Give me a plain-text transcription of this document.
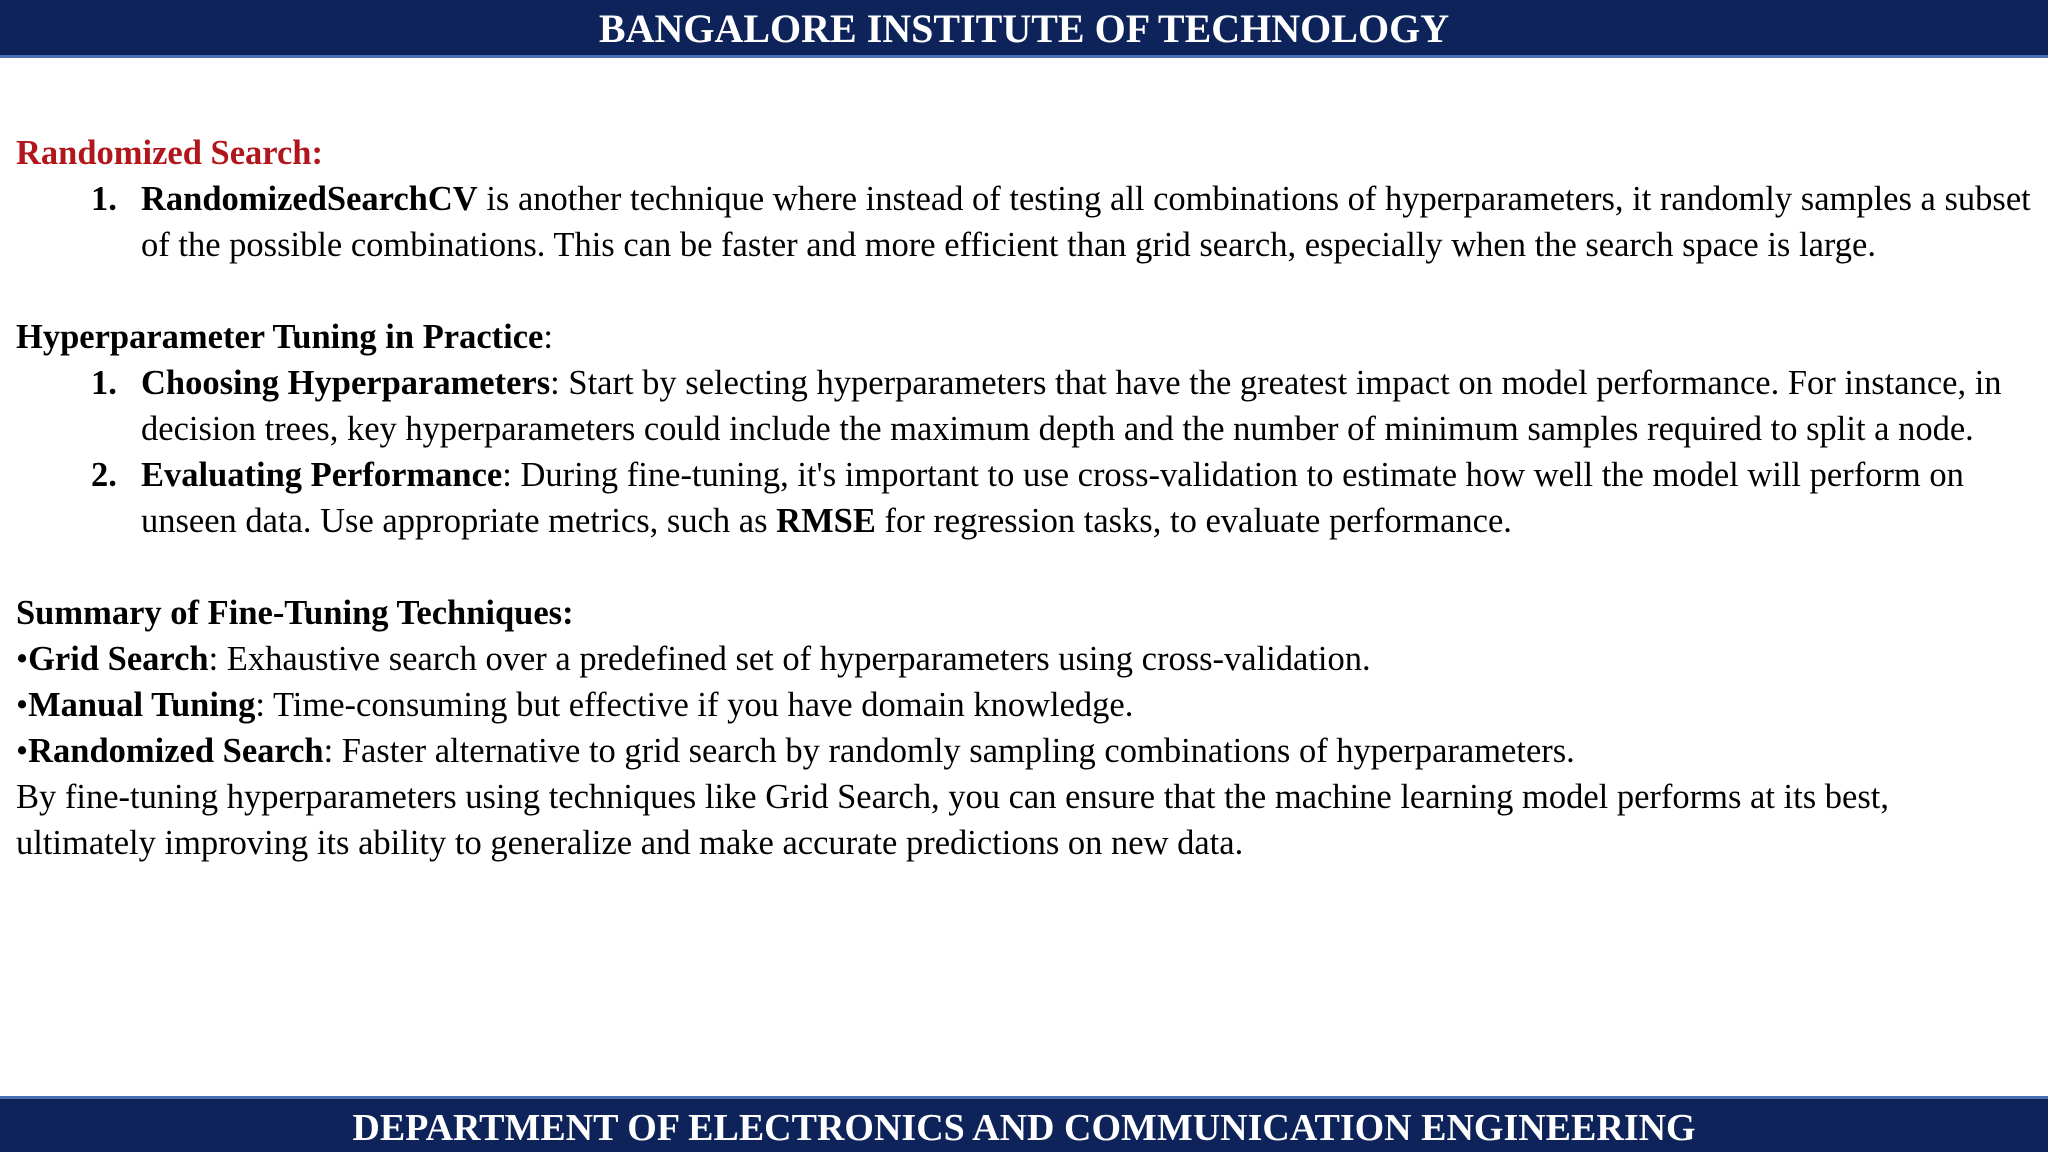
BANGALORE INSTITUTE OF TECHNOLOGY

Randomized Search:

1. RandomizedSearchCV is another technique where instead of testing all combinations of hyperparameters, it randomly samples a subset of the possible combinations. This can be faster and more efficient than grid search, especially when the search space is large.

Hyperparameter Tuning in Practice:

1. Choosing Hyperparameters: Start by selecting hyperparameters that have the greatest impact on model performance. For instance, in decision trees, key hyperparameters could include the maximum depth and the number of minimum samples required to split a node.
2. Evaluating Performance: During fine-tuning, it's important to use cross-validation to estimate how well the model will perform on unseen data. Use appropriate metrics, such as RMSE for regression tasks, to evaluate performance.

Summary of Fine-Tuning Techniques:

•Grid Search: Exhaustive search over a predefined set of hyperparameters using cross-validation.

•Manual Tuning: Time-consuming but effective if you have domain knowledge.

•Randomized Search: Faster alternative to grid search by randomly sampling combinations of hyperparameters.

By fine-tuning hyperparameters using techniques like Grid Search, you can ensure that the machine learning model performs at its best, ultimately improving its ability to generalize and make accurate predictions on new data.

DEPARTMENT OF ELECTRONICS AND COMMUNICATION ENGINEERING
